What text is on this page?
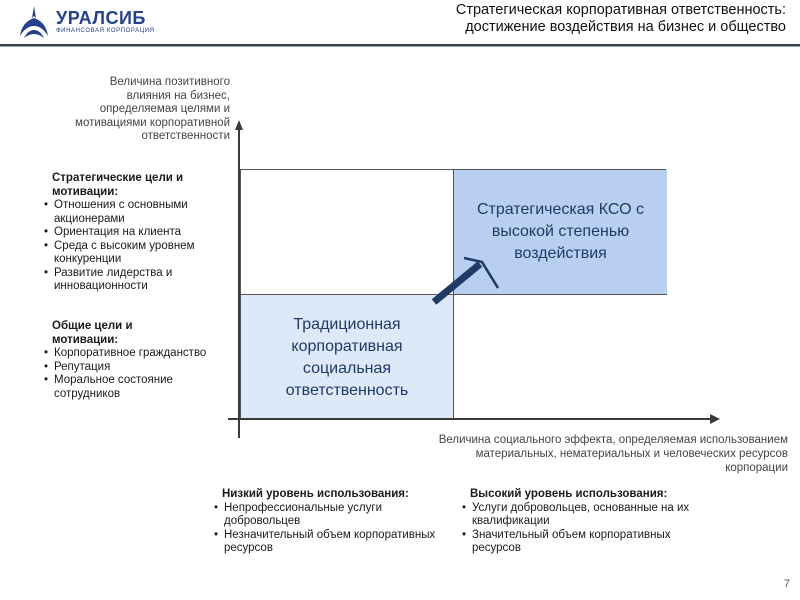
УРАЛСИБ
ФИНАНСОВАЯ КОРПОРАЦИЯ
Стратегическая корпоративная ответственность:
достижение воздействия на бизнес и общество
Величина позитивного
влияния на бизнес,
определяемая целями и
мотивациями корпоративной
ответственности
Стратегические цели и
мотивации:
• Отношения с основными акционерами
• Ориентация на клиента
• Среда с высоким уровнем конкуренции
• Развитие лидерства и инновационности
Общие цели и
мотивации:
• Корпоративное гражданство
• Репутация
• Моральное состояние сотрудников
Стратегическая КСО с высокой степенью воздействия
Традиционная корпоративная социальная ответственность
Величина социального эффекта, определяемая использованием
материальных, нематериальных и человеческих ресурсов
корпорации
Низкий уровень использования:
• Непрофессиональные услуги добровольцев
• Незначительный объем корпоративных ресурсов
Высокий уровень использования:
• Услуги добровольцев, основанные на их квалификации
• Значительный объем корпоративных ресурсов
7
